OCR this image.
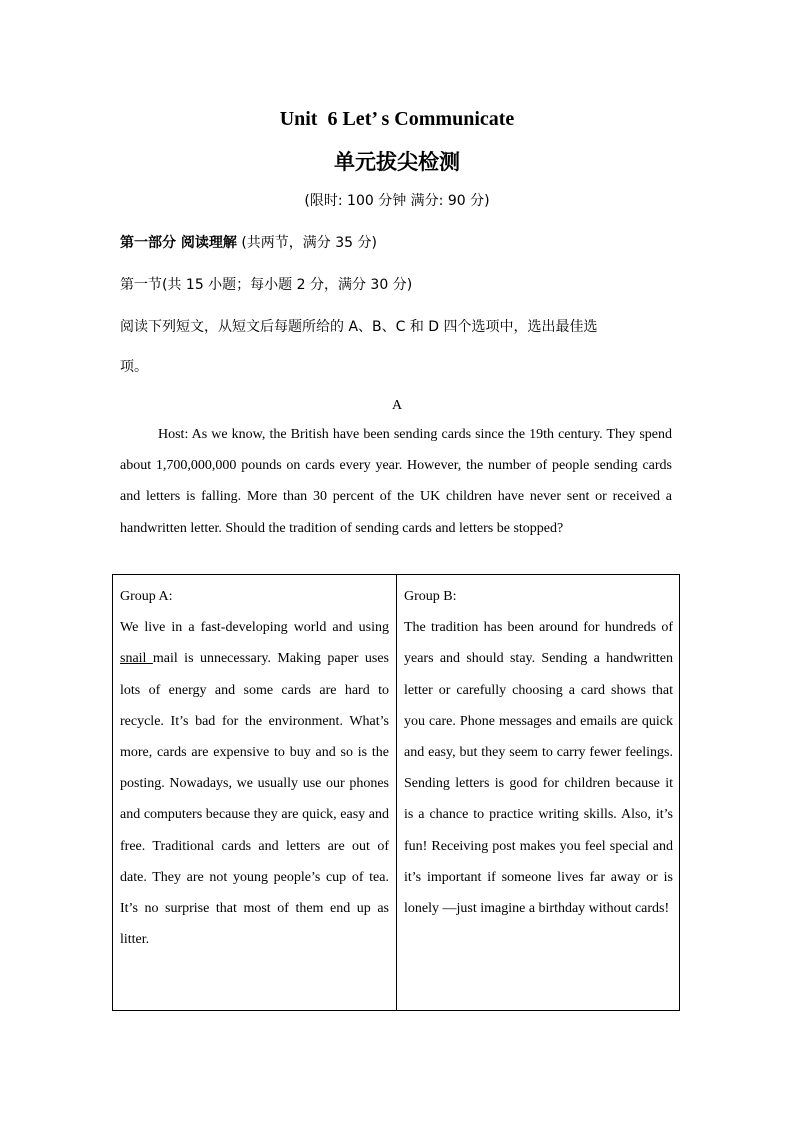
Unit  6 Let’ s Communicate
单元拔尖检测
(限时: 100 分钟 满分: 90 分)
第一部分 阅读理解 (共两节，满分 35 分)
第一节(共 15 小题；每小题 2 分，满分 30 分)
阅读下列短文，从短文后每题所给的 A、B、C 和 D 四个选项中，选出最佳选
项。
A
Host: As we know, the British have been sending cards since the 19th century. They spend about 1,700,000,000 pounds on cards every year. However, the number of people sending cards and letters is falling. More than 30 percent of the UK children have never sent or received a handwritten letter. Should the tradition of sending cards and letters be stopped?
Group A:
We live in a fast-developing world and using snail mail is unnecessary. Making paper uses lots of energy and some cards are hard to recycle. It’s bad for the environment. What’s more, cards are expensive to buy and so is the posting. Nowadays, we usually use our phones and computers because they are quick, easy and free. Traditional cards and letters are out of date. They are not young people’s cup of tea. It’s no surprise that most of them end up as litter.
Group B:
The tradition has been around for hundreds of years and should stay. Sending a handwritten letter or carefully choosing a card shows that you care. Phone messages and emails are quick and easy, but they seem to carry fewer feelings. Sending letters is good for children because it is a chance to practice writing skills. Also, it’s fun! Receiving post makes you feel special and it’s important if someone lives far away or is lonely —just imagine a birthday without cards!
